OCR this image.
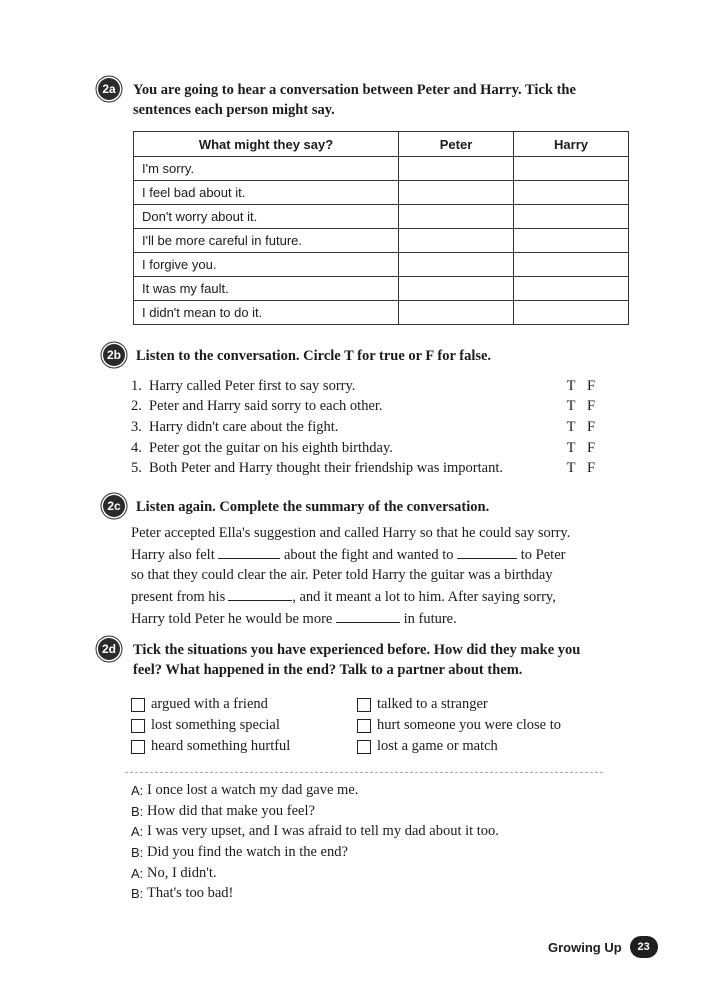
2a You are going to hear a conversation between Peter and Harry. Tick the
sentences each person might say.
What might they say?	Peter	Harry
I'm sorry.		
I feel bad about it.		
Don't worry about it.		
I'll be more careful in future.		
I forgive you.		
It was my fault.		
I didn't mean to do it.		
2b Listen to the conversation. Circle T for true or F for false.
1. Harry called Peter first to say sorry.	T F
2. Peter and Harry said sorry to each other.	T F
3. Harry didn't care about the fight.	T F
4. Peter got the guitar on his eighth birthday.	T F
5. Both Peter and Harry thought their friendship was important.	T F
2c Listen again. Complete the summary of the conversation.
Peter accepted Ella's suggestion and called Harry so that he could say sorry.
Harry also felt	about the fight and wanted to	to Peter
so that they could clear the air. Peter told Harry the guitar was a birthday
present from his	, and it meant a lot to him. After saying sorry,
Harry told Peter he would be more	in future.
2d Tick the situations you have experienced before. How did they make you
feel? What happened in the end? Talk to a partner about them.
argued with a friend
lost something special
heard something hurtful
talked to a stranger
hurt someone you were close to
lost a game or match
A: I once lost a watch my dad gave me.
B: How did that make you feel?
A: I was very upset, and I was afraid to tell my dad about it too.
B: Did you find the watch in the end?
A: No, I didn't.
B: That's too bad!
Growing Up	23
